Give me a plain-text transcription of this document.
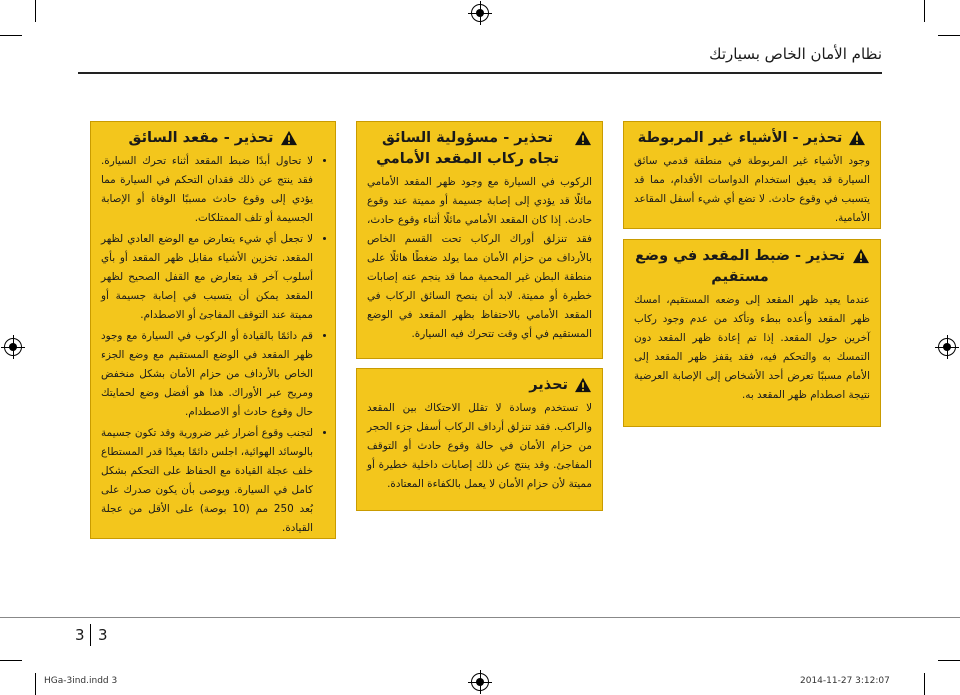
نظام الأمان الخاص بسيارتك
تحذير - الأشياء غير المربوطة
وجود الأشياء غير المربوطة في منطقة قدمي سائق السيارة قد يعيق استخدام الدواسات الأقدام، مما قد يتسبب في وقوع حادث. لا تضع أي شيء أسفل المقاعد الأمامية.
تحذير - ضبط المقعد في وضع مستقيم
عندما يعيد ظهر المقعد إلى وضعه المستقيم، امسك ظهر المقعد وأعده ببطء وتأكد من عدم وجود ركاب آخرين حول المقعد. إذا تم إعادة ظهر المقعد دون التمسك به والتحكم فيه، فقد يقفز ظهر المقعد إلى الأمام مسببًا تعرض أحد الأشخاص إلى الإصابة العرضية نتيجة اصطدام ظهر المقعد به.
تحذير - مسؤولية السائق تجاه ركاب المقعد الأمامي
الركوب في السيارة مع وجود ظهر المقعد الأمامي مائلًا قد يؤدي إلى إصابة جسيمة أو مميتة عند وقوع حادث. إذا كان المقعد الأمامي مائلًا أثناء وقوع حادث، فقد تنزلق أوراك الركاب تحت القسم الخاص بالأرداف من حزام الأمان مما يولد ضغطًا هائلًا على منطقة البطن غير المحمية مما قد ينجم عنه إصابات خطيرة أو مميتة. لابد أن ينصح السائق الركاب في المقعد الأمامي بالاحتفاظ بظهر المقعد في الوضع المستقيم في أي وقت تتحرك فيه السيارة.
تحذير
لا تستخدم وسادة لا تقلل الاحتكاك بين المقعد والراكب. فقد تنزلق أرداف الركاب أسفل جزء الحجر من حزام الأمان في حالة وقوع حادث أو التوقف المفاجئ. وقد ينتج عن ذلك إصابات داخلية خطيرة أو مميتة لأن حزام الأمان لا يعمل بالكفاءة المعتادة.
تحذير - مقعد السائق
• لا تحاول أبدًا ضبط المقعد أثناء تحرك السيارة. فقد ينتج عن ذلك فقدان التحكم في السيارة مما يؤدي إلى وقوع حادث مسببًا الوفاة أو الإصابة الجسيمة أو تلف الممتلكات.
• لا تجعل أي شيء يتعارض مع الوضع العادي لظهر المقعد. تخزين الأشياء مقابل ظهر المقعد أو بأي أسلوب آخر قد يتعارض مع القفل الصحيح لظهر المقعد يمكن أن يتسبب في إصابة جسيمة أو مميتة عند التوقف المفاجئ أو الاصطدام.
• قم دائمًا بالقيادة أو الركوب في السيارة مع وجود ظهر المقعد في الوضع المستقيم مع وضع الجزء الخاص بالأرداف من حزام الأمان بشكل منخفض ومريح عبر الأوراك. هذا هو أفضل وضع لحمايتك حال وقوع حادث أو الاصطدام.
• لتجنب وقوع أضرار غير ضرورية وقد تكون جسيمة بالوسائد الهوائية، اجلس دائمًا بعيدًا قدر المستطاع خلف عجلة القيادة مع الحفاظ على التحكم بشكل كامل في السيارة. ويوصى بأن يكون صدرك على بُعد 250 مم (10 بوصة) على الأقل من عجلة القيادة.
3 3
HGa-3ind.indd 3	2014-11-27 ‎‪3:12:07‬
